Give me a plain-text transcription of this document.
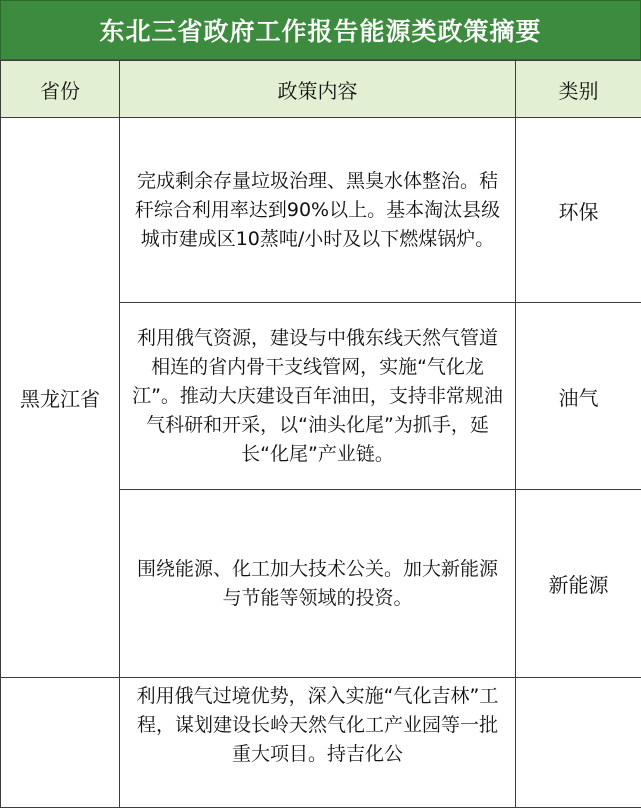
东北三省政府工作报告能源类政策摘要
省份	政策内容	类别
黑龙江省	完成剩余存量垃圾治理、黑臭水体整治。秸秆综合利用率达到90%以上。基本淘汰县级城市建成区10蒸吨/小时及以下燃煤锅炉。	环保
	利用俄气资源，建设与中俄东线天然气管道相连的省内骨干支线管网，实施“气化龙江”。推动大庆建设百年油田，支持非常规油气科研和开采，以“油头化尾”为抓手，延长“化尾”产业链。	油气
	围绕能源、化工加大技术公关。加大新能源与节能等领域的投资。	新能源
	利用俄气过境优势，深入实施“气化吉林”工程，谋划建设长岭天然气化工产业园等一批重大项目。持吉化公	
